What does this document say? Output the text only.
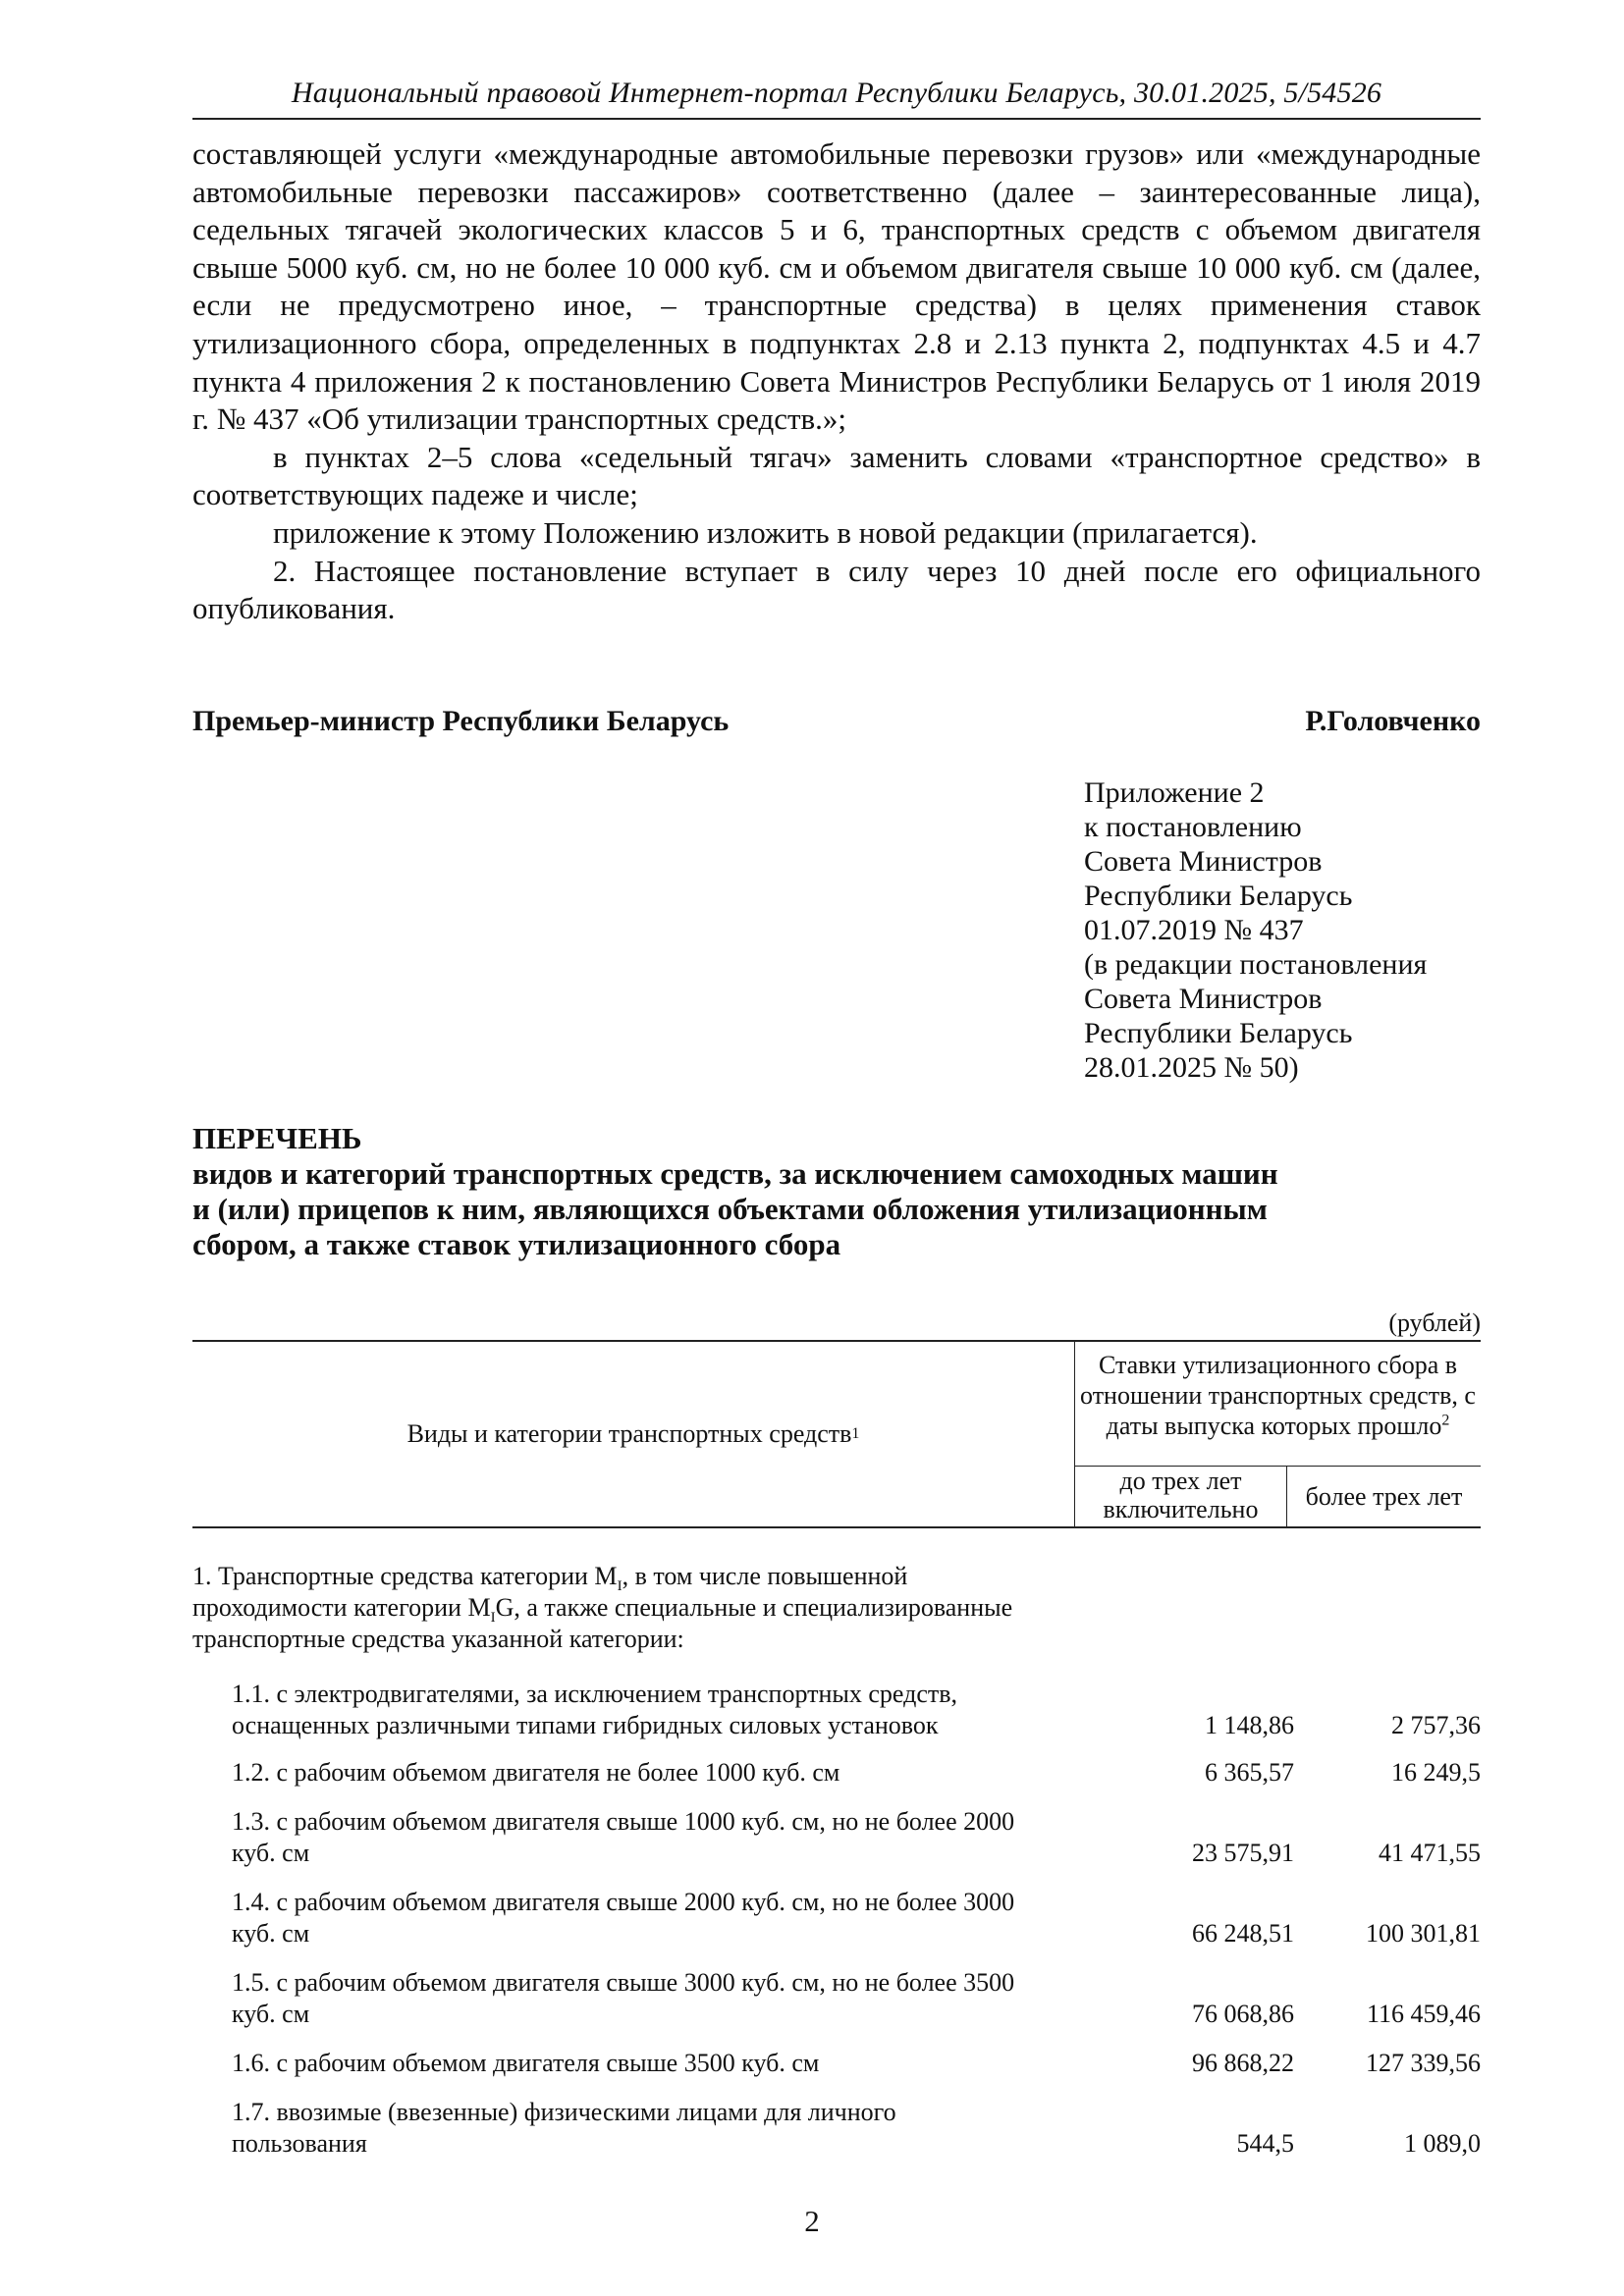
Национальный правовой Интернет-портал Республики Беларусь, 30.01.2025, 5/54526

составляющей услуги «международные автомобильные перевозки грузов» или «международные автомобильные перевозки пассажиров» соответственно (далее – заинтересованные лица), седельных тягачей экологических классов 5 и 6, транспортных средств с объемом двигателя свыше 5000 куб. см, но не более 10 000 куб. см и объемом двигателя свыше 10 000 куб. см (далее, если не предусмотрено иное, – транспортные средства) в целях применения ставок утилизационного сбора, определенных в подпунктах 2.8 и 2.13 пункта 2, подпунктах 4.5 и 4.7 пункта 4 приложения 2 к постановлению Совета Министров Республики Беларусь от 1 июля 2019 г. № 437 «Об утилизации транспортных средств.»;

в пунктах 2–5 слова «седельный тягач» заменить словами «транспортное средство» в соответствующих падеже и числе;

приложение к этому Положению изложить в новой редакции (прилагается).

2. Настоящее постановление вступает в силу через 10 дней после его официального опубликования.

Премьер-министр Республики Беларусь	Р.Головченко
Приложение 2
к постановлению
Совета Министров
Республики Беларусь
01.07.2019 № 437
(в редакции постановления
Совета Министров
Республики Беларусь
28.01.2025 № 50)
ПЕРЕЧЕНЬ
видов и категорий транспортных средств, за исключением самоходных машин
и (или) прицепов к ним, являющихся объектами обложения утилизационным
сбором, а также ставок утилизационного сбора
(рублей)
Виды и категории транспортных средств 1
Ставки утилизационного сбора в отношении транспортных средств, с даты выпуска которых прошло$^2$
до трех лет включительно	более трех лет
1. Транспортные средства категории $M_I$, в том числе повышенной проходимости категории $M_IG$, а также специальные и специализированные транспортные средства указанной категории:
1.1. с электродвигателями, за исключением транспортных средств, оснащенных различными типами гибридных силовых установок	1 148,86	2 757,36
1.2. с рабочим объемом двигателя не более 1000 куб. см	6 365,57	16 249,5
1.3. с рабочим объемом двигателя свыше 1000 куб. см, но не более 2000 куб. см	23 575,91	41 471,55
1.4. с рабочим объемом двигателя свыше 2000 куб. см, но не более 3000 куб. см	66 248,51	100 301,81
1.5. с рабочим объемом двигателя свыше 3000 куб. см, но не более 3500 куб. см	76 068,86	116 459,46
1.6. с рабочим объемом двигателя свыше 3500 куб. см	96 868,22	127 339,56
1.7. ввозимые (ввезенные) физическими лицами для личного пользования	544,5	1 089,0
2
